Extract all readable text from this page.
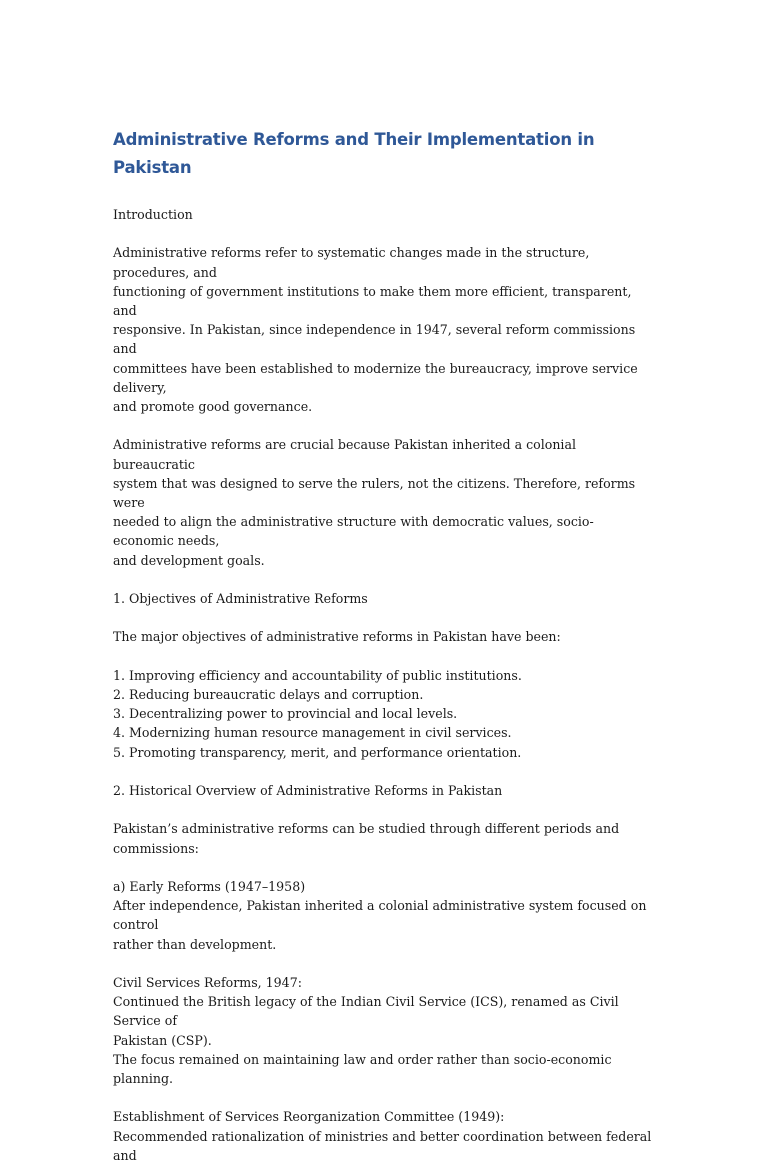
Administrative Reforms and Their Implementation in Pakistan

Introduction

Administrative reforms refer to systematic changes made in the structure, procedures, and
functioning of government institutions to make them more efficient, transparent, and
responsive. In Pakistan, since independence in 1947, several reform commissions and
committees have been established to modernize the bureaucracy, improve service delivery,
and promote good governance.

Administrative reforms are crucial because Pakistan inherited a colonial bureaucratic
system that was designed to serve the rulers, not the citizens. Therefore, reforms were
needed to align the administrative structure with democratic values, socio-economic needs,
and development goals.

1. Objectives of Administrative Reforms

The major objectives of administrative reforms in Pakistan have been:

1. Improving efficiency and accountability of public institutions.

2. Reducing bureaucratic delays and corruption.

3. Decentralizing power to provincial and local levels.

4. Modernizing human resource management in civil services.

5. Promoting transparency, merit, and performance orientation.

2. Historical Overview of Administrative Reforms in Pakistan

Pakistan’s administrative reforms can be studied through different periods and
commissions:

a) Early Reforms (1947–1958)

After independence, Pakistan inherited a colonial administrative system focused on control
rather than development.

Civil Services Reforms, 1947:

Continued the British legacy of the Indian Civil Service (ICS), renamed as Civil Service of
Pakistan (CSP).
The focus remained on maintaining law and order rather than socio-economic planning.

Establishment of Services Reorganization Committee (1949):

Recommended rationalization of ministries and better coordination between federal and
